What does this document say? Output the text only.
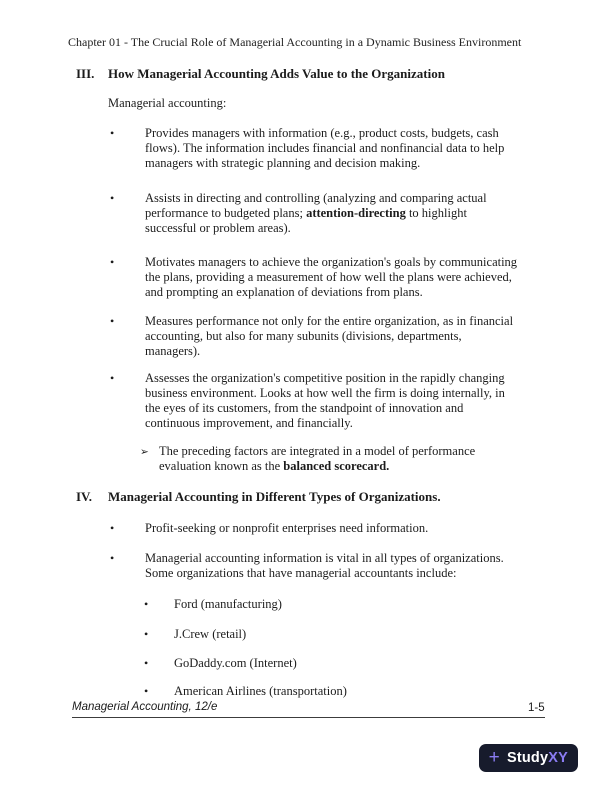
Chapter 01 - The Crucial Role of Managerial Accounting in a Dynamic Business Environment
III.	How Managerial Accounting Adds Value to the Organization
Managerial accounting:
•	Provides managers with information (e.g., product costs, budgets, cash
flows). The information includes financial and nonfinancial data to help
managers with strategic planning and decision making.
•	Assists in directing and controlling (analyzing and comparing actual
performance to budgeted plans; attention-directing to highlight
successful or problem areas).
•	Motivates managers to achieve the organization's goals by communicating
the plans, providing a measurement of how well the plans were achieved,
and prompting an explanation of deviations from plans.
•	Measures performance not only for the entire organization, as in financial
accounting, but also for many subunits (divisions, departments,
managers).
•	Assesses the organization's competitive position in the rapidly changing
business environment. Looks at how well the firm is doing internally, in
the eyes of its customers, from the standpoint of innovation and
continuous improvement, and financially.
➢ The preceding factors are integrated in a model of performance
evaluation known as the balanced scorecard.
IV.	Managerial Accounting in Different Types of Organizations.
•	Profit-seeking or nonprofit enterprises need information.
•	Managerial accounting information is vital in all types of organizations.
Some organizations that have managerial accountants include:
•	Ford (manufacturing)
•	J.Crew (retail)
•	GoDaddy.com (Internet)
•	American Airlines (transportation)
Managerial Accounting, 12/e	1-5
+ Study XY
